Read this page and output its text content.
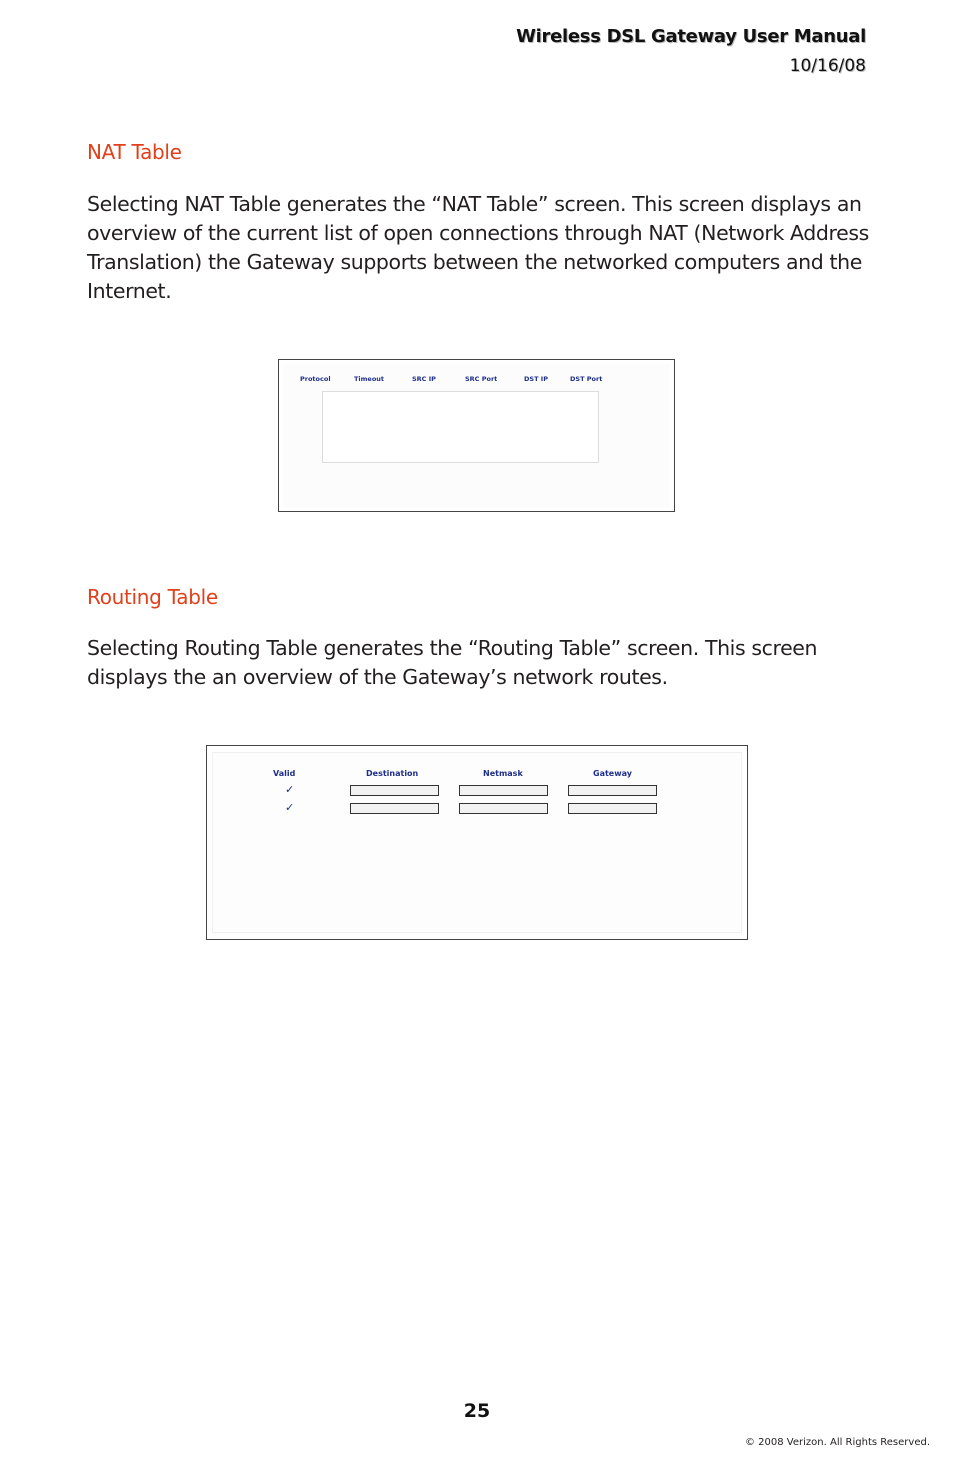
Wireless DSL Gateway User Manual
10/16/08
NAT Table
Selecting NAT Table generates the “NAT Table” screen. This screen displays an overview of the current list of open connections through NAT (Network Address Translation) the Gateway supports between the networked computers and the Internet.
Protocol	Timeout	SRC IP	SRC Port	DST IP	DST Port
Routing Table
Selecting Routing Table generates the “Routing Table” screen. This screen displays the an overview of the Gateway’s network routes.
Valid	Destination	Netmask	Gateway
✓
✓
25
© 2008 Verizon. All Rights Reserved.
